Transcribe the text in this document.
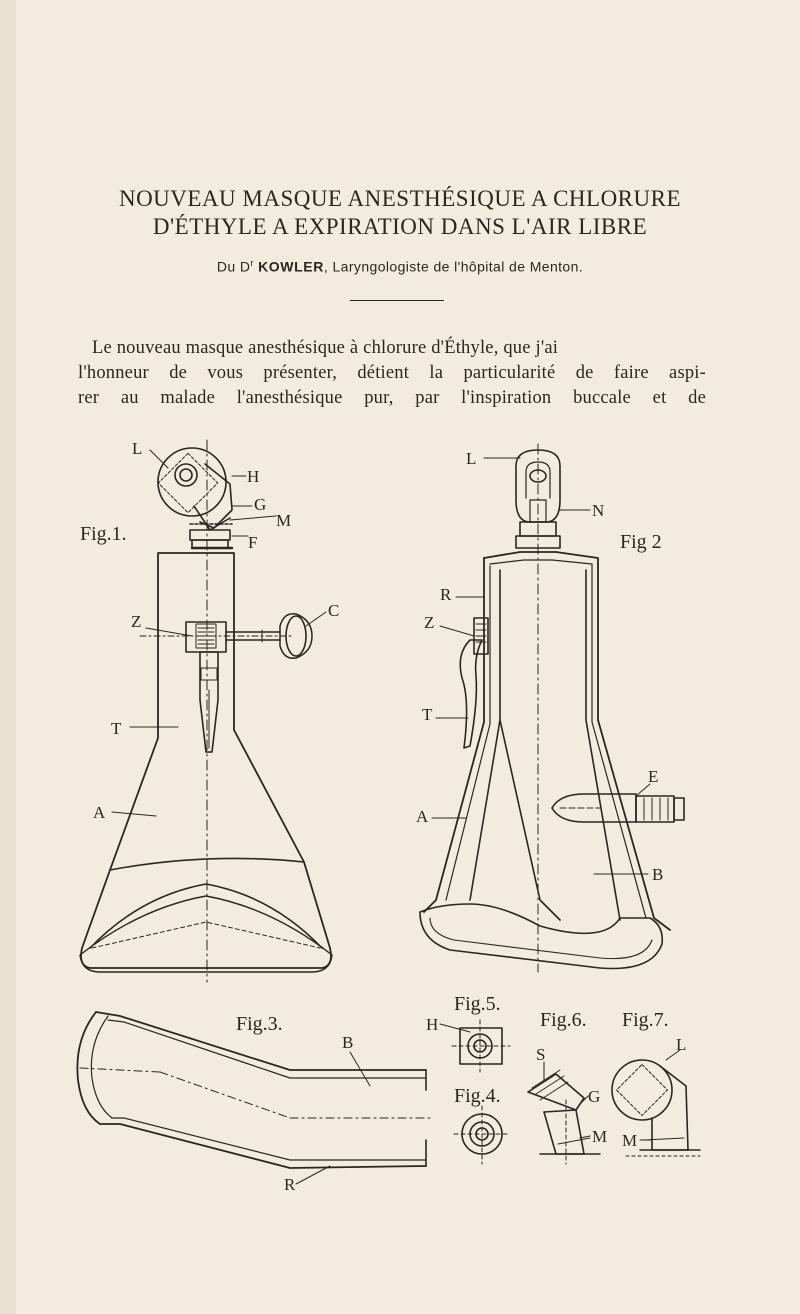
NOUVEAU MASQUE ANESTHÉSIQUE A CHLORURE
D'ÉTHYLE A EXPIRATION DANS L'AIR LIBRE
Du $D^r$ KOWLER, Laryngologiste de l'hôpital de Menton.
Le nouveau masque anesthésique à chlorure d'Éthyle, que j'ai
l'honneur de vous présenter, détient la particularité de faire aspi-
rer au malade l'anesthésique pur, par l'inspiration buccale et de
Fig.1.
L
H
G
M
F
Z
C
T
A
Fig 2
L
N
R
Z
T
E
A
B
Fig.3.
B
R
Fig.5.
H
Fig.4.
Fig.6.
S
G
M
Fig.7.
L
M
